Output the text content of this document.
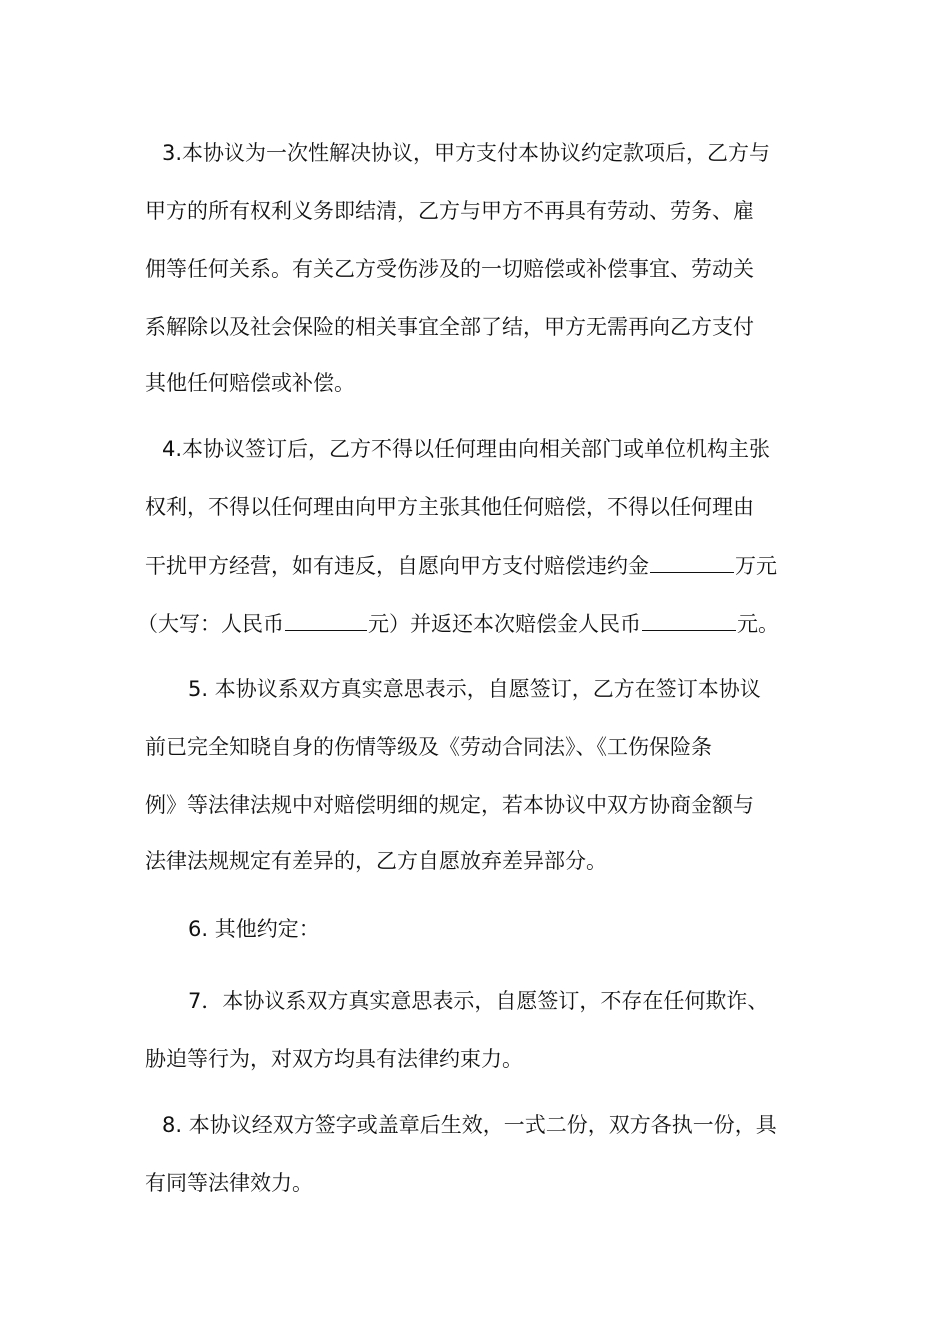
3.本协议为一次性解决协议，甲方支付本协议约定款项后，乙方与
甲方的所有权利义务即结清，乙方与甲方不再具有劳动、劳务、雇
佣等任何关系。有关乙方受伤涉及的一切赔偿或补偿事宜、劳动关
系解除以及社会保险的相关事宜全部了结，甲方无需再向乙方支付
其他任何赔偿或补偿。
4.本协议签订后，乙方不得以任何理由向相关部门或单位机构主张
权利，不得以任何理由向甲方主张其他任何赔偿，不得以任何理由
干扰甲方经营，如有违反，自愿向甲方支付赔偿违约金	万元
（大写：人民币	元）并返还本次赔偿金人民币	元。
5. 本协议系双方真实意思表示，自愿签订，乙方在签订本协议
前已完全知晓自身的伤情等级及《劳动合同法》、《工伤保险条
例》等法律法规中对赔偿明细的规定，若本协议中双方协商金额与
法律法规规定有差异的，乙方自愿放弃差异部分。
6. 其他约定：
7．本协议系双方真实意思表示，自愿签订，不存在任何欺诈、
胁迫等行为，对双方均具有法律约束力。
8. 本协议经双方签字或盖章后生效，一式二份，双方各执一份，具
有同等法律效力。
